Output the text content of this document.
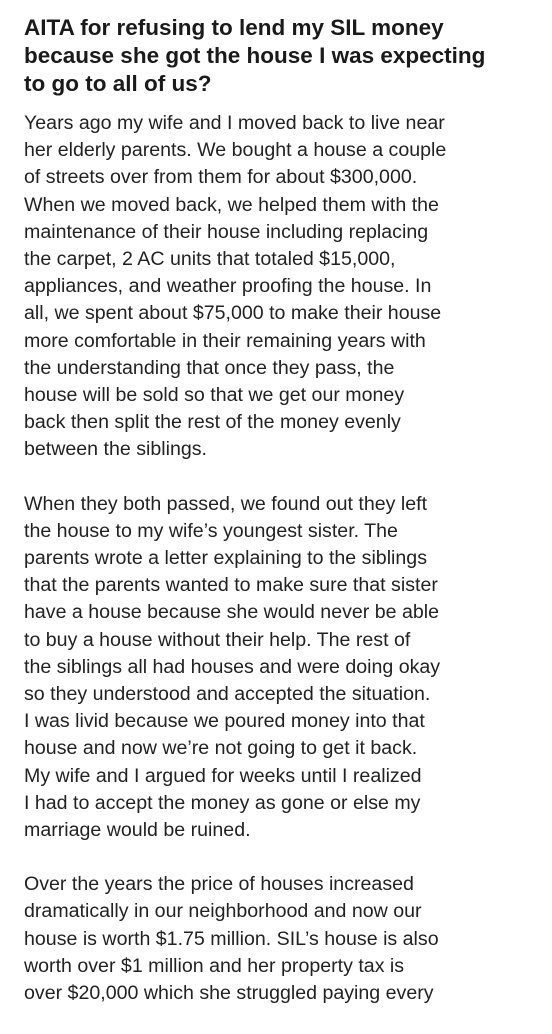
AITA for refusing to lend my SIL money
because she got the house I was expecting
to go to all of us?

Years ago my wife and I moved back to live near
her elderly parents. We bought a house a couple
of streets over from them for about $300,000.
When we moved back, we helped them with the
maintenance of their house including replacing
the carpet, 2 AC units that totaled $15,000,
appliances, and weather proofing the house. In
all, we spent about $75,000 to make their house
more comfortable in their remaining years with
the understanding that once they pass, the
house will be sold so that we get our money
back then split the rest of the money evenly
between the siblings.

When they both passed, we found out they left
the house to my wife’s youngest sister. The
parents wrote a letter explaining to the siblings
that the parents wanted to make sure that sister
have a house because she would never be able
to buy a house without their help. The rest of
the siblings all had houses and were doing okay
so they understood and accepted the situation.
I was livid because we poured money into that
house and now we’re not going to get it back.
My wife and I argued for weeks until I realized
I had to accept the money as gone or else my
marriage would be ruined.

Over the years the price of houses increased
dramatically in our neighborhood and now our
house is worth $1.75 million. SIL’s house is also
worth over $1 million and her property tax is
over $20,000 which she struggled paying every
